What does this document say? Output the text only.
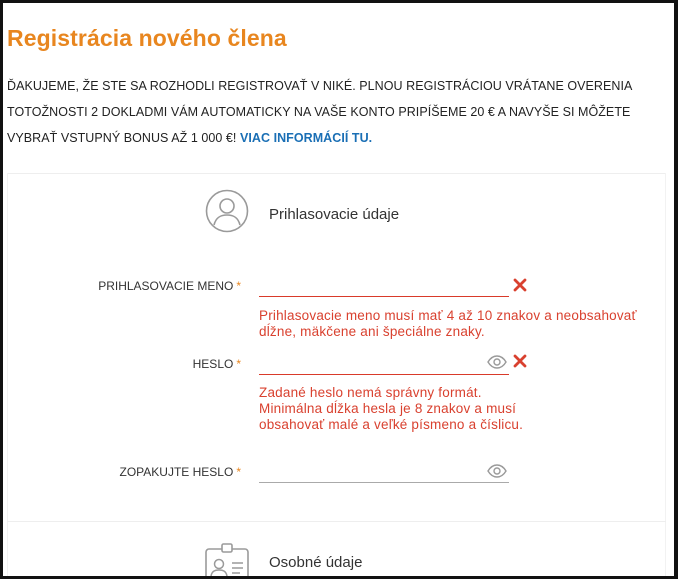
Registrácia nového člena

ĎAKUJEME, ŽE STE SA ROZHODLI REGISTROVAŤ V NIKÉ. PLNOU REGISTRÁCIOU VRÁTANE OVERENIA TOTOŽNOSTI 2 DOKLADMI VÁM AUTOMATICKY NA VAŠE KONTO PRIPÍŠEME 20 € A NAVYŠE SI MÔŽETE VYBRAŤ VSTUPNÝ BONUS AŽ 1 000 €! VIAC INFORMÁCIÍ TU.

Prihlasovacie údaje
PRIHLASOVACIE MENO *
Prihlasovacie meno musí mať 4 až 10 znakov a neobsahovať dĺžne, mäkčene ani špeciálne znaky.
HESLO *
Zadané heslo nemá správny formát. Minimálna dĺžka hesla je 8 znakov a musí obsahovať malé a veľké písmeno a číslicu.
ZOPAKUJTE HESLO *
Osobné údaje
